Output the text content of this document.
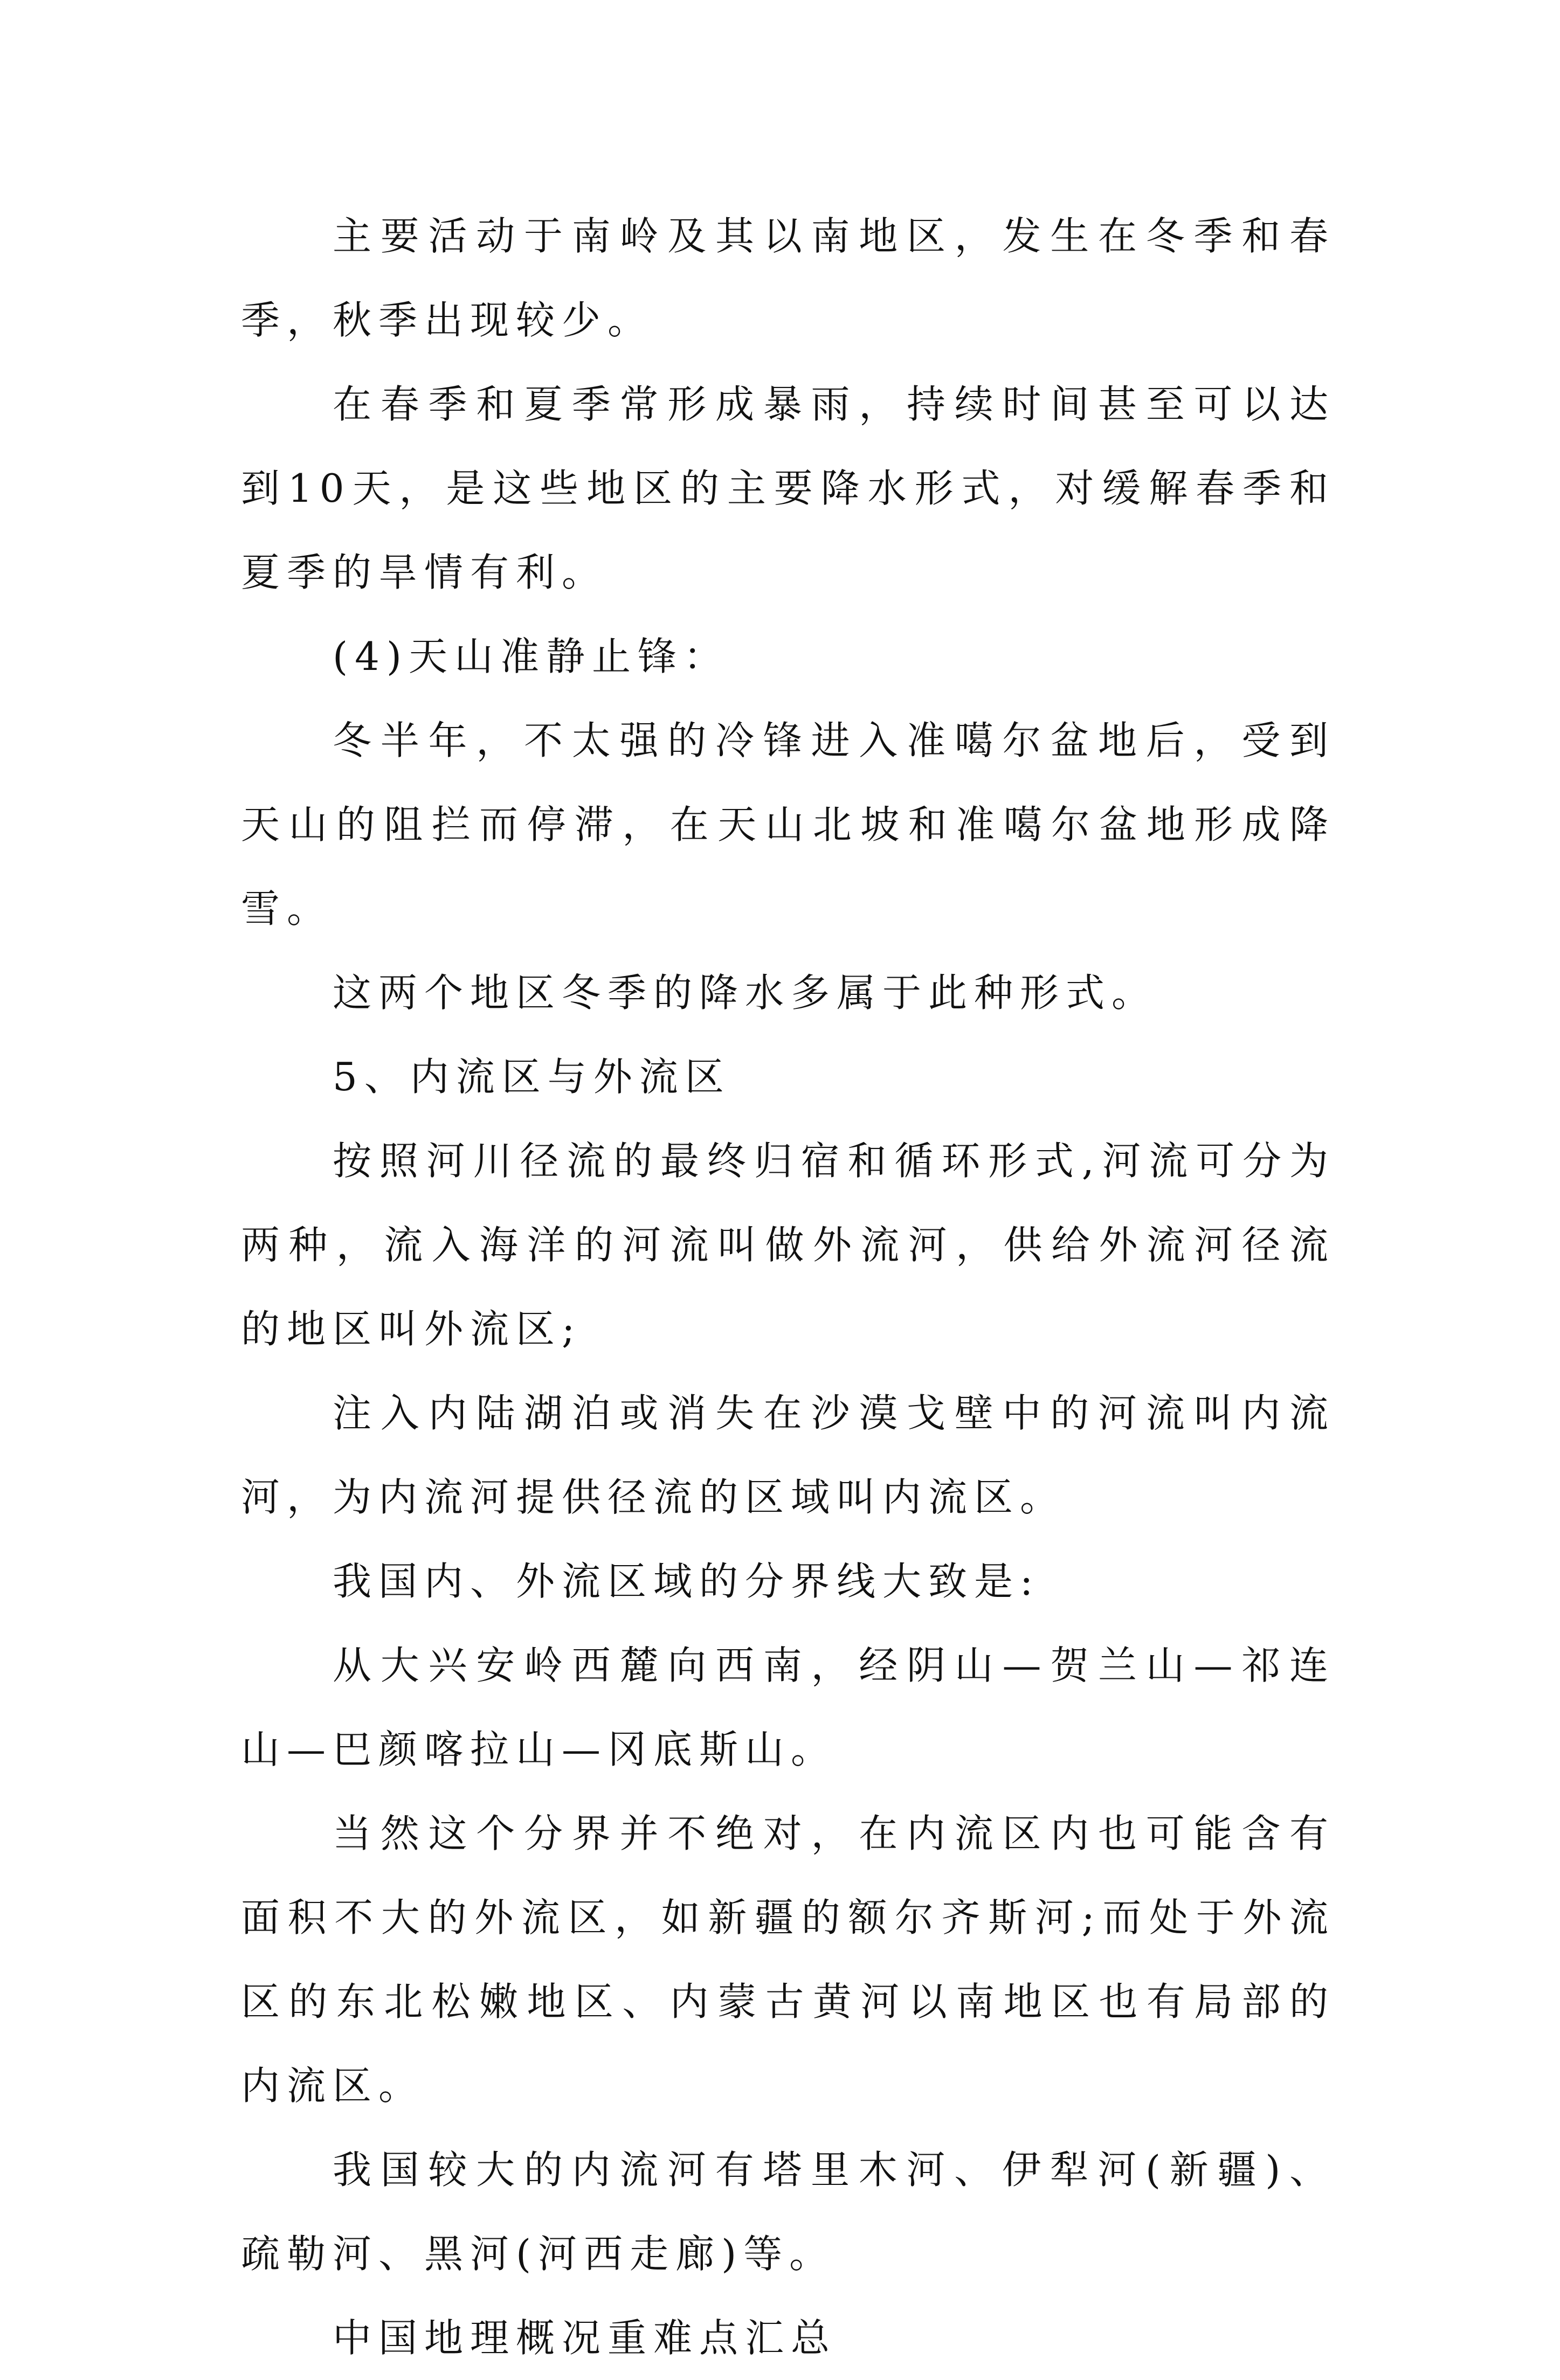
主要活动于南岭及其以南地区，发生在冬季和春季，秋季出现较少。

在春季和夏季常形成暴雨，持续时间甚至可以达到10天，是这些地区的主要降水形式，对缓解春季和夏季的旱情有利。

(4)天山准静止锋：

冬半年，不太强的冷锋进入准噶尔盆地后，受到天山的阻拦而停滞，在天山北坡和准噶尔盆地形成降雪。

这两个地区冬季的降水多属于此种形式。

5、内流区与外流区

按照河川径流的最终归宿和循环形式,河流可分为两种，流入海洋的河流叫做外流河，供给外流河径流的地区叫外流区;

注入内陆湖泊或消失在沙漠戈壁中的河流叫内流河，为内流河提供径流的区域叫内流区。

我国内、外流区域的分界线大致是:

从大兴安岭西麓向西南，经阴山—贺兰山—祁连山—巴颜喀拉山—冈底斯山。

当然这个分界并不绝对，在内流区内也可能含有面积不大的外流区，如新疆的额尔齐斯河;而处于外流区的东北松嫩地区、内蒙古黄河以南地区也有局部的内流区。

我国较大的内流河有塔里木河、伊犁河(新疆)、疏勒河、黑河(河西走廊)等。

中国地理概况重难点汇总
